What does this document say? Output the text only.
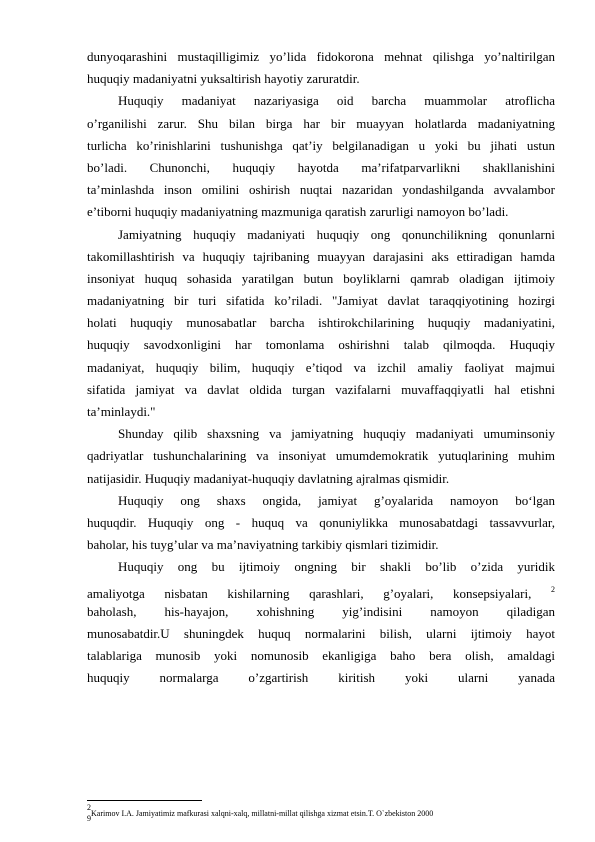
dunyoqarashini mustaqilligimiz yo’lida fidokorona mehnat qilishga yo’naltirilgan
huquqiy madaniyatni yuksaltirish hayotiy zaruratdir.
Huquqiy madaniyat nazariyasiga oid barcha muammolar atroflicha
o’rganilishi zarur. Shu bilan birga har bir muayyan holatlarda madaniyatning
turlicha ko’rinishlarini tushunishga qat’iy belgilanadigan u yoki bu jihati ustun
bo’ladi. Chunonchi, huquqiy hayotda ma’rifatparvarlikni shakllanishini
ta’minlashda inson omilini oshirish nuqtai nazaridan yondashilganda avvalambor
e’tiborni huquqiy madaniyatning mazmuniga qaratish zarurligi namoyon bo’ladi.
Jamiyatning huquqiy madaniyati huquqiy ong qonunchilikning qonunlarni
takomillashtirish va huquqiy tajribaning muayyan darajasini aks ettiradigan hamda
insoniyat huquq sohasida yaratilgan butun boyliklarni qamrab oladigan ijtimoiy
madaniyatning bir turi sifatida ko’riladi. "Jamiyat davlat taraqqiyotining hozirgi
holati huquqiy munosabatlar barcha ishtirokchilarining huquqiy madaniyatini,
huquqiy savodxonligini har tomonlama oshirishni talab qilmoqda. Huquqiy
madaniyat, huquqiy bilim, huquqiy e’tiqod va izchil amaliy faoliyat majmui
sifatida jamiyat va davlat oldida turgan vazifalarni muvaffaqqiyatli hal etishni
ta’minlaydi."
Shunday qilib shaxsning va jamiyatning huquqiy madaniyati umuminsoniy
qadriyatlar tushunchalarining va insoniyat umumdemokratik yutuqlarining muhim
natijasidir. Huquqiy madaniyat-huquqiy davlatning ajralmas qismidir.
Huquqiy ong shaxs ongida, jamiyat g’oyalarida namoyon bo‘lgan
huquqdir. Huquqiy ong - huquq va qonuniylikka munosabatdagi tassavvurlar,
baholar, his tuyg’ular va ma’naviyatning tarkibiy qismlari tizimidir.
Huquqiy ong bu ijtimoiy ongning bir shakli bo’lib o’zida yuridik
amaliyotga nisbatan kishilarning qarashlari, g’oyalari, konsepsiyalari, $^2$
baholash, his-hayajon, xohishning yig’indisini namoyon qiladigan
munosabatdir.U shuningdek huquq normalarini bilish, ularni ijtimoiy hayot
talablariga munosib yoki nomunosib ekanligiga baho bera olish, amaldagi
huquqiy normalarga o’zgartirish kiritish yoki ularni yanada
2Karimov I.A. Jamiyatimiz mafkurasi xalqni-xalq, millatni-millat qilishga xizmat etsin.T. O`zbekiston 2000
9
